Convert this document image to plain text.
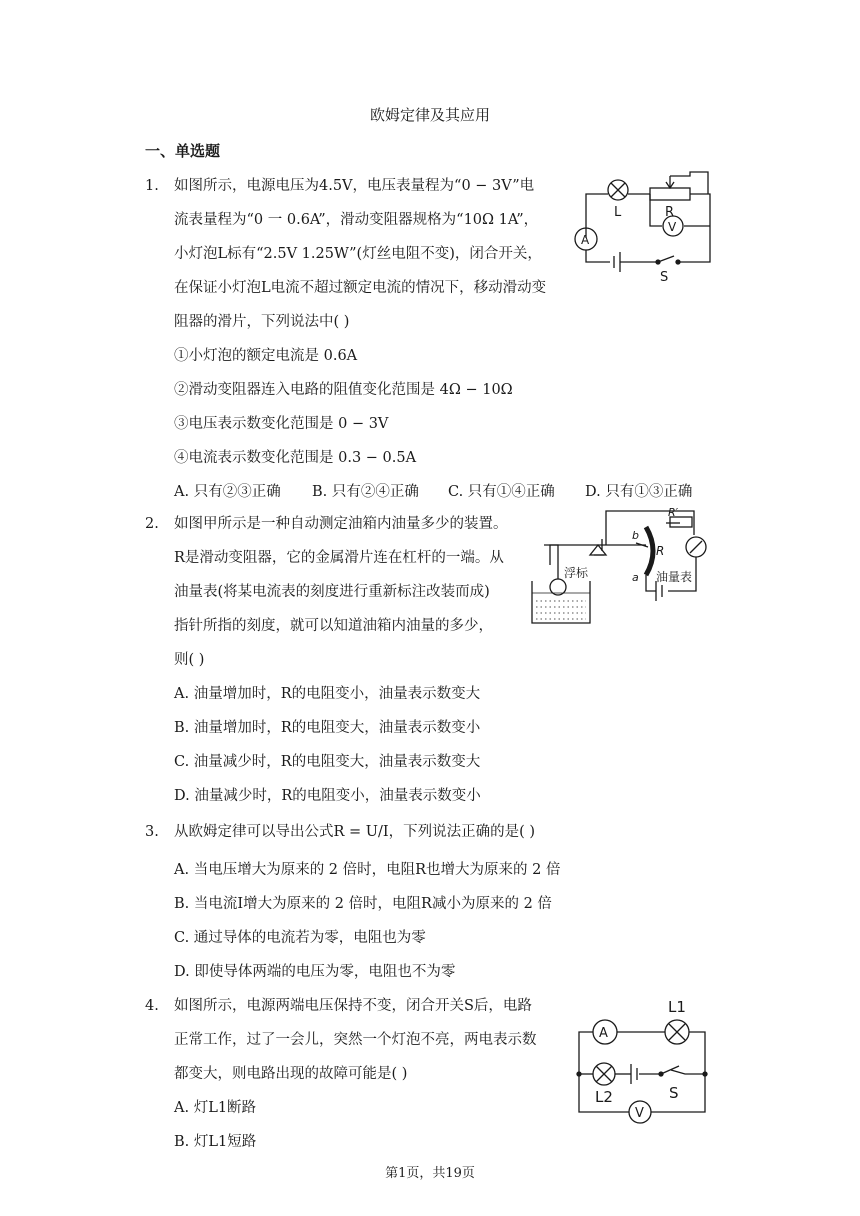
欧姆定律及其应用
一、单选题
1. 如图所示，电源电压为4.5V，电压表量程为“0 − 3V”电
流表量程为“0 一 0.6A”，滑动变阻器规格为“10Ω 1A”，
小灯泡L标有“2.5V 1.25W”(灯丝电阻不变)，闭合开关，
在保证小灯泡L电流不超过额定电流的情况下，移动滑动变
阻器的滑片，下列说法中( )
①小灯泡的额定电流是 0.6A
②滑动变阻器连入电路的阻值变化范围是 4Ω − 10Ω
③电压表示数变化范围是 0 − 3V
④电流表示数变化范围是 0.3 − 0.5A
A. 只有②③正确 B. 只有②④正确 C. 只有①④正确 D. 只有①③正确
L	R
A
V
S
2. 如图甲所示是一种自动测定油箱内油量多少的装置。
R是滑动变阻器，它的金属滑片连在杠杆的一端。从
油量表(将某电流表的刻度进行重新标注改装而成)
指针所指的刻度，就可以知道油箱内油量的多少，
则( )
A. 油量增加时，R的电阻变小，油量表示数变大
B. 油量增加时，R的电阻变大，油量表示数变小
C. 油量减少时，R的电阻变大，油量表示数变大
D. 油量减少时，R的电阻变小，油量表示数变小
浮标	油量表
R′
R
b
a
3. 从欧姆定律可以导出公式R = U/I，下列说法正确的是( )
A. 当电压增大为原来的 2 倍时，电阻R也增大为原来的 2 倍
B. 当电流I增大为原来的 2 倍时，电阻R减小为原来的 2 倍
C. 通过导体的电流若为零，电阻也为零
D. 即使导体两端的电压为零，电阻也不为零
4. 如图所示，电源两端电压保持不变，闭合开关S后，电路
正常工作，过了一会儿，突然一个灯泡不亮，两电表示数
都变大，则电路出现的故障可能是( )
A. 灯L1断路
B. 灯L1短路
A
L1
L2	S
V
第1页，共19页
